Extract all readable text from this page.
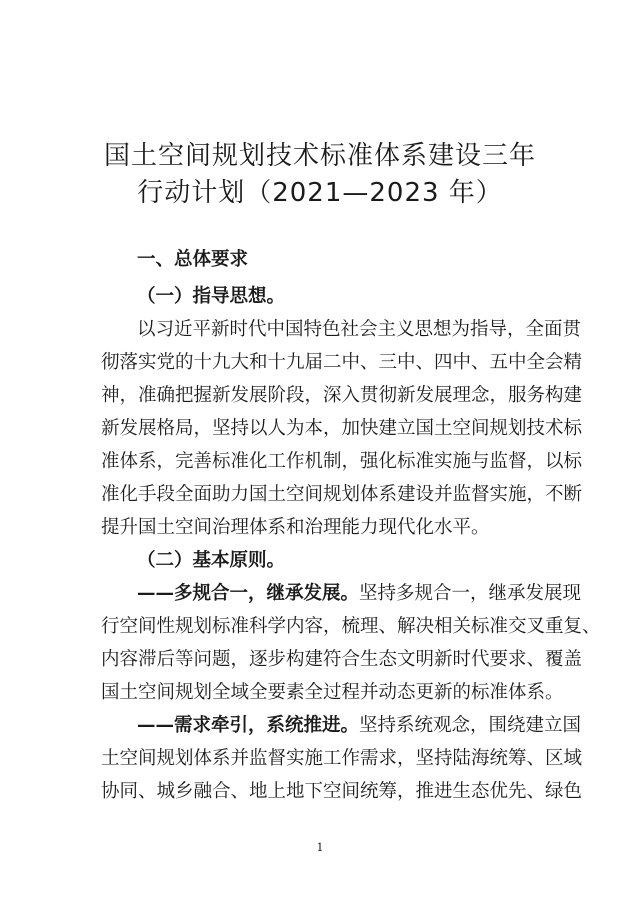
国土空间规划技术标准体系建设三年
行动计划（2021—2023 年）
一、总体要求
（一）指导思想。
以习近平新时代中国特色社会主义思想为指导，全面贯
彻落实党的十九大和十九届二中、三中、四中、五中全会精
神，准确把握新发展阶段，深入贯彻新发展理念，服务构建
新发展格局，坚持以人为本，加快建立国土空间规划技术标
准体系，完善标准化工作机制，强化标准实施与监督，以标
准化手段全面助力国土空间规划体系建设并监督实施，不断
提升国土空间治理体系和治理能力现代化水平。
（二）基本原则。
——多规合一，继承发展。坚持多规合一，继承发展现
行空间性规划标准科学内容，梳理、解决相关标准交叉重复、
内容滞后等问题，逐步构建符合生态文明新时代要求、覆盖
国土空间规划全域全要素全过程并动态更新的标准体系。
——需求牵引，系统推进。坚持系统观念，围绕建立国
土空间规划体系并监督实施工作需求，坚持陆海统筹、区域
协同、城乡融合、地上地下空间统筹，推进生态优先、绿色
1
